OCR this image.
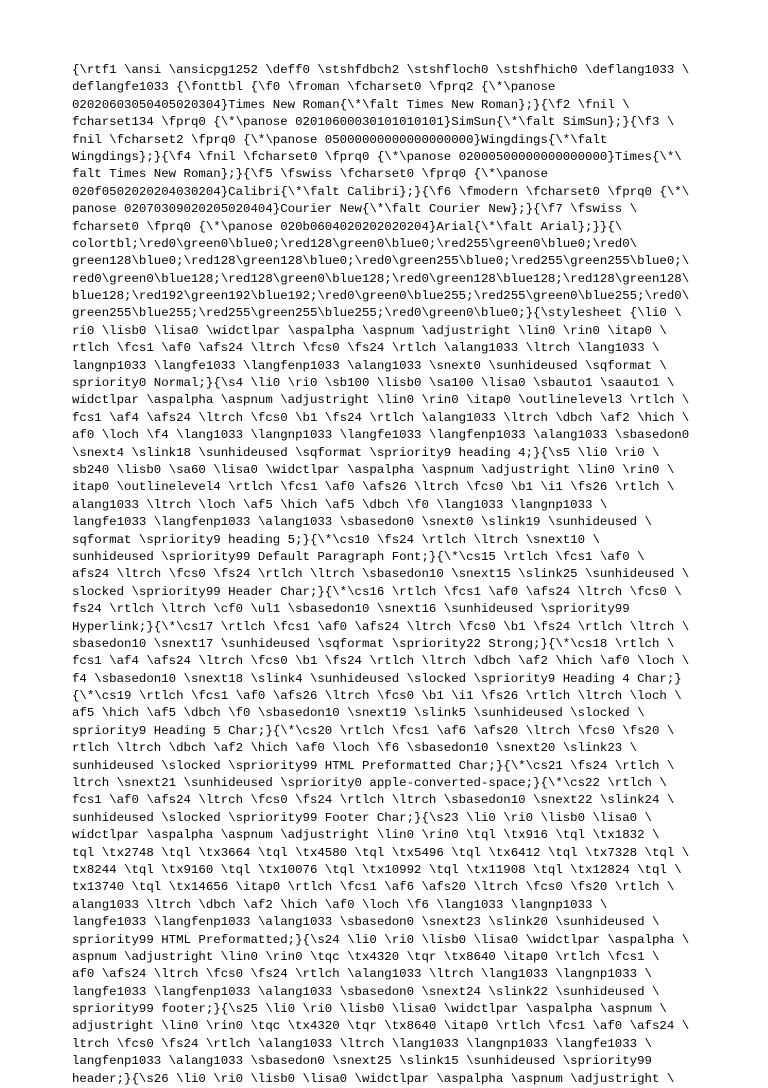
{\rtf1 \ansi \ansicpg1252 \deff0 \stshfdbch2 \stshfloch0 \stshfhich0 \deflang1033 \
deflangfe1033 {\fonttbl {\f0 \froman \fcharset0 \fprq2 {\*\panose
02020603050405020304}Times New Roman{\*\falt Times New Roman};}{\f2 \fnil \
fcharset134 \fprq0 {\*\panose 02010600030101010101}SimSun{\*\falt SimSun};}{\f3 \
fnil \fcharset2 \fprq0 {\*\panose 05000000000000000000}Wingdings{\*\falt
Wingdings};}{\f4 \fnil \fcharset0 \fprq0 {\*\panose 02000500000000000000}Times{\*\
falt Times New Roman};}{\f5 \fswiss \fcharset0 \fprq0 {\*\panose
020f0502020204030204}Calibri{\*\falt Calibri};}{\f6 \fmodern \fcharset0 \fprq0 {\*\
panose 02070309020205020404}Courier New{\*\falt Courier New};}{\f7 \fswiss \
fcharset0 \fprq0 {\*\panose 020b0604020202020204}Arial{\*\falt Arial};}}{\
colortbl;\red0\green0\blue0;\red128\green0\blue0;\red255\green0\blue0;\red0\
green128\blue0;\red128\green128\blue0;\red0\green255\blue0;\red255\green255\blue0;\
red0\green0\blue128;\red128\green0\blue128;\red0\green128\blue128;\red128\green128\
blue128;\red192\green192\blue192;\red0\green0\blue255;\red255\green0\blue255;\red0\
green255\blue255;\red255\green255\blue255;\red0\green0\blue0;}{\stylesheet {\li0 \
ri0 \lisb0 \lisa0 \widctlpar \aspalpha \aspnum \adjustright \lin0 \rin0 \itap0 \
rtlch \fcs1 \af0 \afs24 \ltrch \fcs0 \fs24 \rtlch \alang1033 \ltrch \lang1033 \
langnp1033 \langfe1033 \langfenp1033 \alang1033 \snext0 \sunhideused \sqformat \
spriority0 Normal;}{\s4 \li0 \ri0 \sb100 \lisb0 \sa100 \lisa0 \sbauto1 \saauto1 \
widctlpar \aspalpha \aspnum \adjustright \lin0 \rin0 \itap0 \outlinelevel3 \rtlch \
fcs1 \af4 \afs24 \ltrch \fcs0 \b1 \fs24 \rtlch \alang1033 \ltrch \dbch \af2 \hich \
af0 \loch \f4 \lang1033 \langnp1033 \langfe1033 \langfenp1033 \alang1033 \sbasedon0
\snext4 \slink18 \sunhideused \sqformat \spriority9 heading 4;}{\s5 \li0 \ri0 \
sb240 \lisb0 \sa60 \lisa0 \widctlpar \aspalpha \aspnum \adjustright \lin0 \rin0 \
itap0 \outlinelevel4 \rtlch \fcs1 \af0 \afs26 \ltrch \fcs0 \b1 \i1 \fs26 \rtlch \
alang1033 \ltrch \loch \af5 \hich \af5 \dbch \f0 \lang1033 \langnp1033 \
langfe1033 \langfenp1033 \alang1033 \sbasedon0 \snext0 \slink19 \sunhideused \
sqformat \spriority9 heading 5;}{\*\cs10 \fs24 \rtlch \ltrch \snext10 \
sunhideused \spriority99 Default Paragraph Font;}{\*\cs15 \rtlch \fcs1 \af0 \
afs24 \ltrch \fcs0 \fs24 \rtlch \ltrch \sbasedon10 \snext15 \slink25 \sunhideused \
slocked \spriority99 Header Char;}{\*\cs16 \rtlch \fcs1 \af0 \afs24 \ltrch \fcs0 \
fs24 \rtlch \ltrch \cf0 \ul1 \sbasedon10 \snext16 \sunhideused \spriority99
Hyperlink;}{\*\cs17 \rtlch \fcs1 \af0 \afs24 \ltrch \fcs0 \b1 \fs24 \rtlch \ltrch \
sbasedon10 \snext17 \sunhideused \sqformat \spriority22 Strong;}{\*\cs18 \rtlch \
fcs1 \af4 \afs24 \ltrch \fcs0 \b1 \fs24 \rtlch \ltrch \dbch \af2 \hich \af0 \loch \
f4 \sbasedon10 \snext18 \slink4 \sunhideused \slocked \spriority9 Heading 4 Char;}
{\*\cs19 \rtlch \fcs1 \af0 \afs26 \ltrch \fcs0 \b1 \i1 \fs26 \rtlch \ltrch \loch \
af5 \hich \af5 \dbch \f0 \sbasedon10 \snext19 \slink5 \sunhideused \slocked \
spriority9 Heading 5 Char;}{\*\cs20 \rtlch \fcs1 \af6 \afs20 \ltrch \fcs0 \fs20 \
rtlch \ltrch \dbch \af2 \hich \af0 \loch \f6 \sbasedon10 \snext20 \slink23 \
sunhideused \slocked \spriority99 HTML Preformatted Char;}{\*\cs21 \fs24 \rtlch \
ltrch \snext21 \sunhideused \spriority0 apple-converted-space;}{\*\cs22 \rtlch \
fcs1 \af0 \afs24 \ltrch \fcs0 \fs24 \rtlch \ltrch \sbasedon10 \snext22 \slink24 \
sunhideused \slocked \spriority99 Footer Char;}{\s23 \li0 \ri0 \lisb0 \lisa0 \
widctlpar \aspalpha \aspnum \adjustright \lin0 \rin0 \tql \tx916 \tql \tx1832 \
tql \tx2748 \tql \tx3664 \tql \tx4580 \tql \tx5496 \tql \tx6412 \tql \tx7328 \tql \
tx8244 \tql \tx9160 \tql \tx10076 \tql \tx10992 \tql \tx11908 \tql \tx12824 \tql \
tx13740 \tql \tx14656 \itap0 \rtlch \fcs1 \af6 \afs20 \ltrch \fcs0 \fs20 \rtlch \
alang1033 \ltrch \dbch \af2 \hich \af0 \loch \f6 \lang1033 \langnp1033 \
langfe1033 \langfenp1033 \alang1033 \sbasedon0 \snext23 \slink20 \sunhideused \
spriority99 HTML Preformatted;}{\s24 \li0 \ri0 \lisb0 \lisa0 \widctlpar \aspalpha \
aspnum \adjustright \lin0 \rin0 \tqc \tx4320 \tqr \tx8640 \itap0 \rtlch \fcs1 \
af0 \afs24 \ltrch \fcs0 \fs24 \rtlch \alang1033 \ltrch \lang1033 \langnp1033 \
langfe1033 \langfenp1033 \alang1033 \sbasedon0 \snext24 \slink22 \sunhideused \
spriority99 footer;}{\s25 \li0 \ri0 \lisb0 \lisa0 \widctlpar \aspalpha \aspnum \
adjustright \lin0 \rin0 \tqc \tx4320 \tqr \tx8640 \itap0 \rtlch \fcs1 \af0 \afs24 \
ltrch \fcs0 \fs24 \rtlch \alang1033 \ltrch \lang1033 \langnp1033 \langfe1033 \
langfenp1033 \alang1033 \sbasedon0 \snext25 \slink15 \sunhideused \spriority99
header;}{\s26 \li0 \ri0 \lisb0 \lisa0 \widctlpar \aspalpha \aspnum \adjustright \
